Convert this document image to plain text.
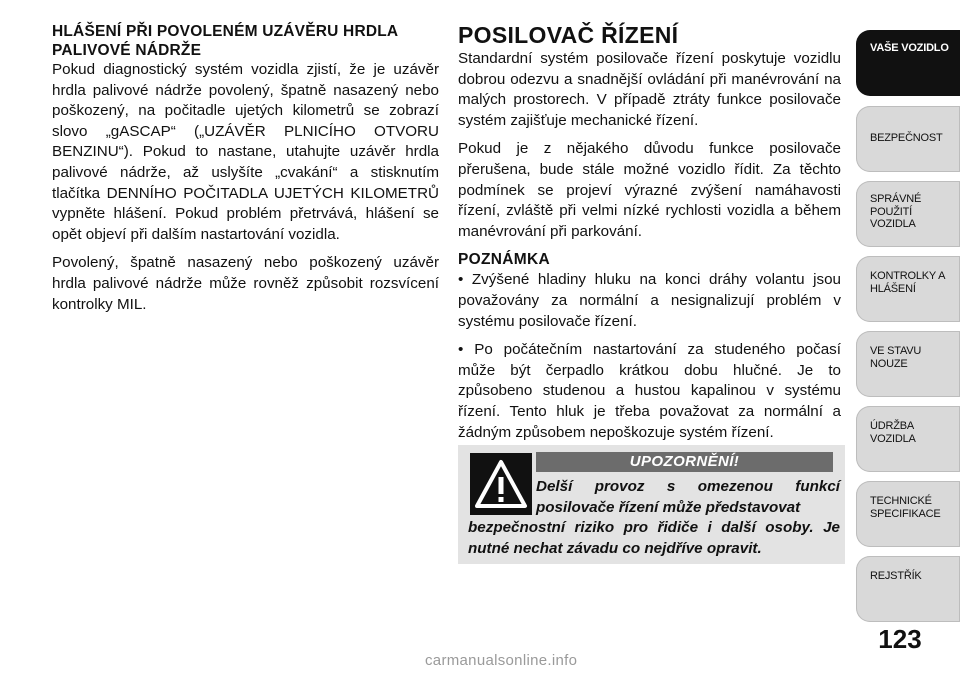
HLÁŠENÍ PŘI POVOLENÉM UZÁVĚRU HRDLA PALIVOVÉ NÁDRŽE

Pokud diagnostický systém vozidla zjistí, že je uzávěr hrdla palivové nádrže povolený, špatně nasazený nebo poškozený, na počitadle ujetých kilometrů se zobrazí slovo „gASCAP“ („UZÁVĚR PLNICÍHO OTVORU BENZINU“). Pokud to nastane, utahujte uzávěr hrdla palivové nádrže, až uslyšíte „cvakání“ a stisknutím tlačítka DENNÍHO POČITADLA UJETÝCH KILOMETRŮ vypněte hlášení. Pokud problém přetrvává, hlášení se opět objeví při dalším nastartování vozidla.

Povolený, špatně nasazený nebo poškozený uzávěr hrdla palivové nádrže může rovněž způsobit rozsvícení kontrolky MIL.

POSILOVAČ ŘÍZENÍ

Standardní systém posilovače řízení poskytuje vozidlu dobrou odezvu a snadnější ovládání při manévrování na malých prostorech. V případě ztráty funkce posilovače systém zajišťuje mechanické řízení.

Pokud je z nějakého důvodu funkce posilovače přerušena, bude stále možné vozidlo řídit. Za těchto podmínek se projeví výrazné zvýšení namáhavosti řízení, zvláště při velmi nízké rychlosti vozidla a během manévrování při parkování.

POZNÁMKA

• Zvýšené hladiny hluku na konci dráhy volantu jsou považovány za normální a nesignalizují problém v systému posilovače řízení.

• Po počátečním nastartování za studeného počasí může být čerpadlo krátkou dobu hlučné. Je to způsobeno studenou a hustou kapalinou v systému řízení. Tento hluk je třeba považovat za normální a žádným způsobem nepoškozuje systém řízení.

UPOZORNĚNÍ!
Delší provoz s omezenou funkcí posilovače řízení může představovat
bezpečnostní riziko pro řidiče i další osoby. Je nutné nechat závadu co nejdříve opravit.
VAŠE VOZIDLO
BEZPEČNOST
SPRÁVNÉ POUŽITÍ VOZIDLA
KONTROLKY A HLÁŠENÍ
VE STAVU NOUZE
ÚDRŽBA VOZIDLA
TECHNICKÉ SPECIFIKACE
REJSTŘÍK
123
carmanualsonline.info
